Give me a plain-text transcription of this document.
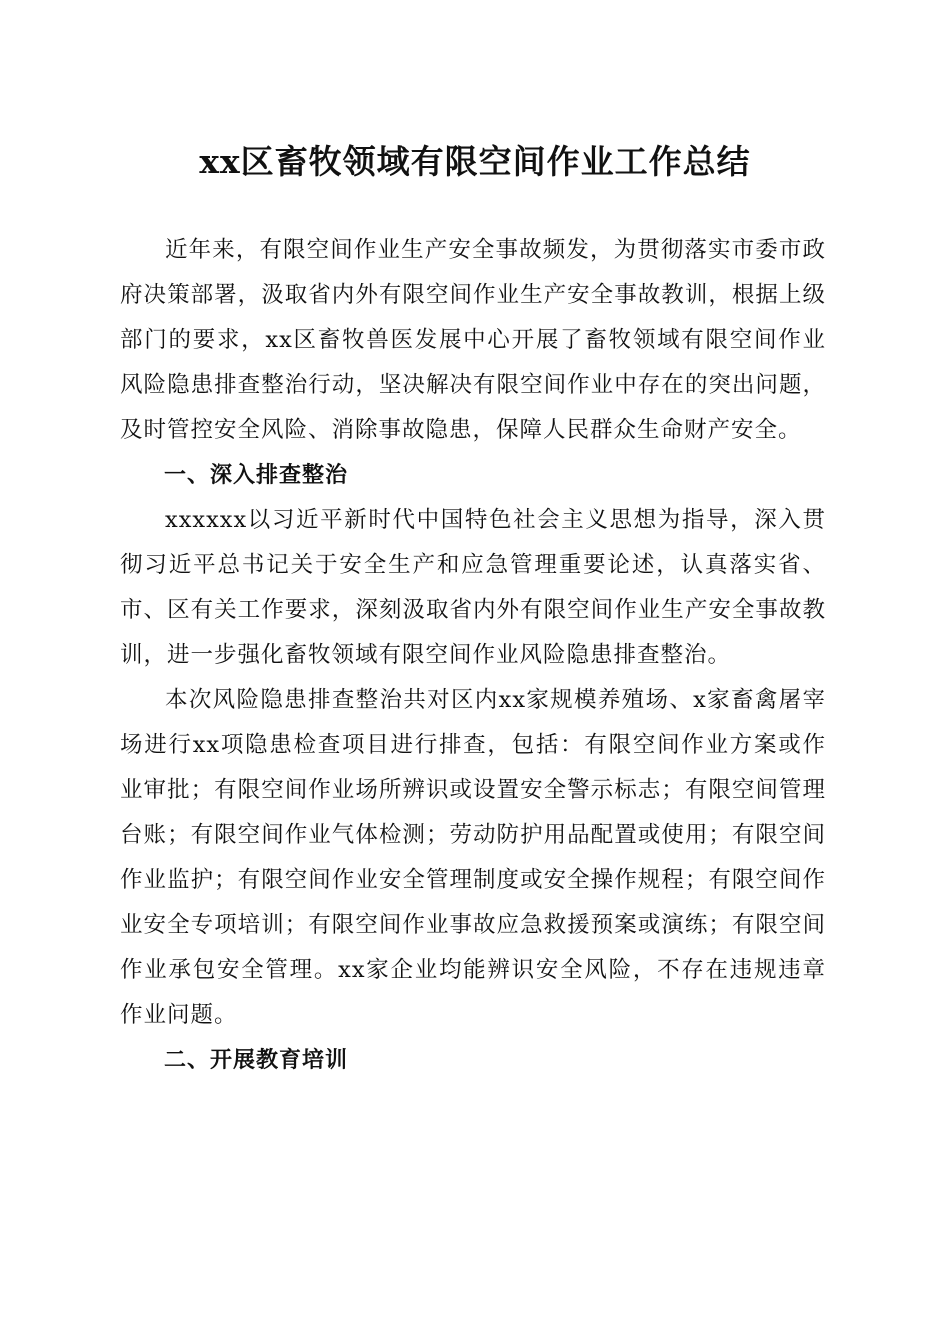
xx区畜牧领域有限空间作业工作总结

近年来，有限空间作业生产安全事故频发，为贯彻落实市委市政府决策部署，汲取省内外有限空间作业生产安全事故教训，根据上级部门的要求，xx区畜牧兽医发展中心开展了畜牧领域有限空间作业风险隐患排查整治行动，坚决解决有限空间作业中存在的突出问题，及时管控安全风险、消除事故隐患，保障人民群众生命财产安全。

一、深入排查整治

xxxxxx以习近平新时代中国特色社会主义思想为指导，深入贯彻习近平总书记关于安全生产和应急管理重要论述，认真落实省、市、区有关工作要求，深刻汲取省内外有限空间作业生产安全事故教训，进一步强化畜牧领域有限空间作业风险隐患排查整治。

本次风险隐患排查整治共对区内xx家规模养殖场、x家畜禽屠宰场进行xx项隐患检查项目进行排查，包括：有限空间作业方案或作业审批；有限空间作业场所辨识或设置安全警示标志；有限空间管理台账；有限空间作业气体检测；劳动防护用品配置或使用；有限空间作业监护；有限空间作业安全管理制度或安全操作规程；有限空间作业安全专项培训；有限空间作业事故应急救援预案或演练；有限空间作业承包安全管理。xx家企业均能辨识安全风险，不存在违规违章作业问题。

二、开展教育培训
